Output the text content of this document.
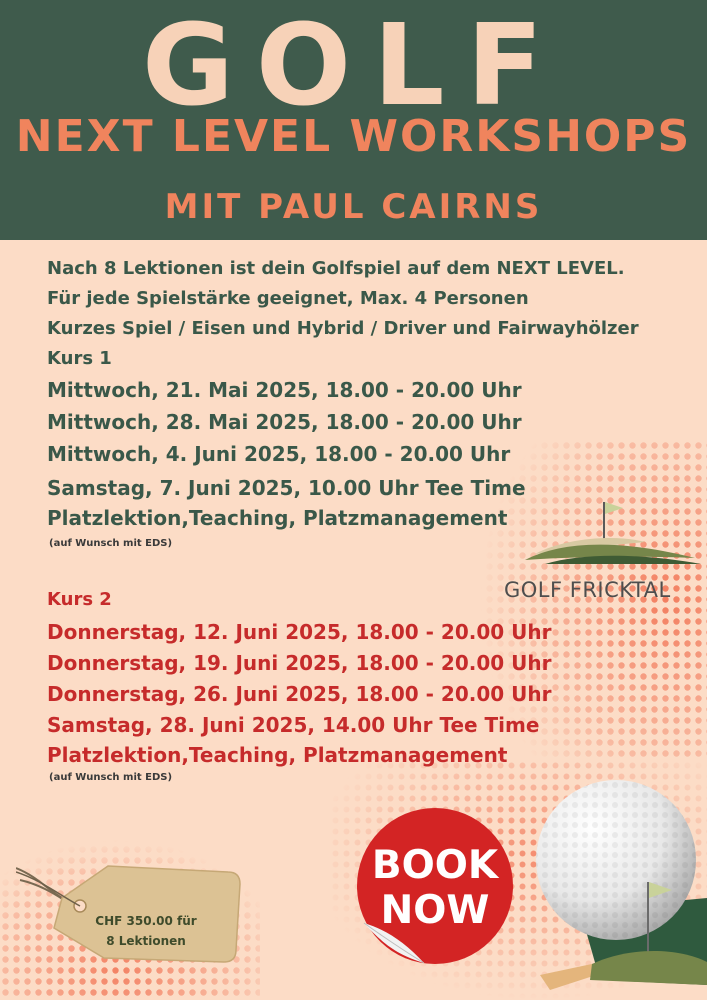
GOLF
NEXT LEVEL WORKSHOPS
MIT PAUL CAIRNS
Nach 8 Lektionen ist dein Golfspiel auf dem NEXT LEVEL.
Für jede Spielstärke geeignet, Max. 4 Personen
Kurzes Spiel / Eisen und Hybrid / Driver und Fairwayhölzer
Kurs 1
Mittwoch, 21. Mai 2025, 18.00 - 20.00 Uhr
Mittwoch, 28. Mai 2025, 18.00 - 20.00 Uhr
Mittwoch, 4. Juni 2025, 18.00 - 20.00 Uhr
Samstag, 7. Juni 2025, 10.00 Uhr Tee Time
Platzlektion,Teaching, Platzmanagement
(auf Wunsch mit EDS)
Kurs 2
Donnerstag, 12. Juni 2025, 18.00 - 20.00 Uhr
Donnerstag, 19. Juni 2025, 18.00 - 20.00 Uhr
Donnerstag, 26. Juni 2025, 18.00 - 20.00 Uhr
Samstag, 28. Juni 2025, 14.00 Uhr Tee Time
Platzlektion,Teaching, Platzmanagement
(auf Wunsch mit EDS)
GOLF FRICKTAL
CHF 350.00 für
8 Lektionen
BOOK
NOW
